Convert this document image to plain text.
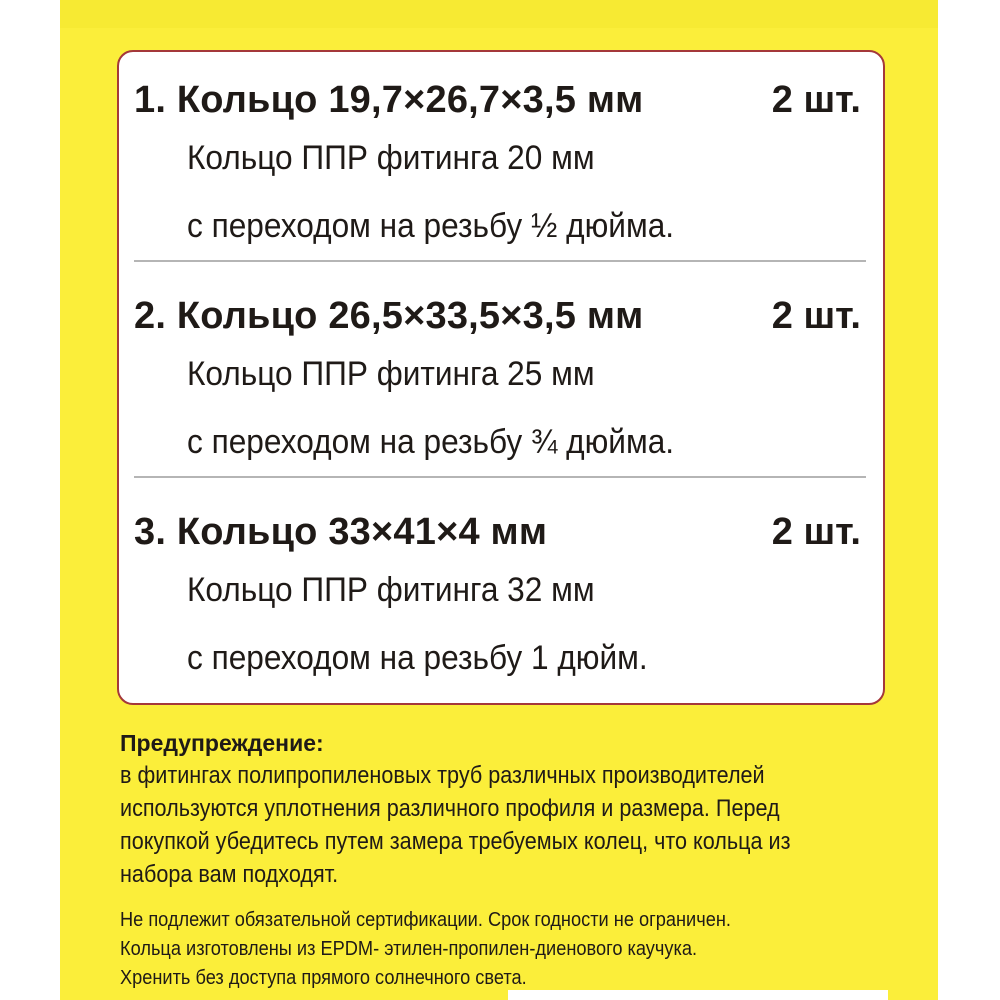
1. Кольцо 19,7×26,7×3,5 мм	2 шт.
Кольцо ППР фитинга 20 мм
с переходом на резьбу ½ дюйма.
2. Кольцо 26,5×33,5×3,5 мм	2 шт.
Кольцо ППР фитинга 25 мм
с переходом на резьбу ¾ дюйма.
3. Кольцо 33×41×4 мм	2 шт.
Кольцо ППР фитинга 32 мм
с переходом на резьбу 1 дюйм.
Предупреждение:
в фитингах полипропиленовых труб различных производителей
используются уплотнения различного профиля и размера. Перед
покупкой убедитесь путем замера требуемых колец, что кольца из
набора вам подходят.
Не подлежит обязательной сертификации. Срок годности не ограничен.
Кольца изготовлены из EPDM- этилен-пропилен-диенового каучука.
Хренить без доступа прямого солнечного света.
